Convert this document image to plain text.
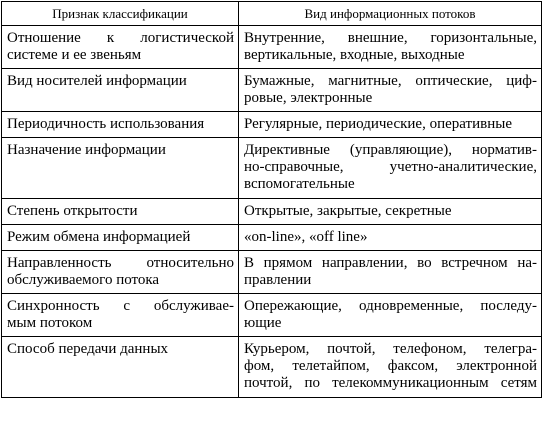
Признак классификации	Вид информационных потоков

Отношение к логистической
системе и ее звеньям	Внутренние, внешние, горизонтальные,
вертикальные, входные, выходные

Вид носителей информации	Бумажные, магнитные, оптические, циф-
ровые, электронные

Периодичность использования	Регулярные, периодические, оперативные

Назначение информации	Директивные (управляющие), норматив-
но-справочные, учетно-аналитические,
вспомогательные

Степень открытости	Открытые, закрытые, секретные

Режим обмена информацией	«on-line», «off line»

Направленность относительно
обслуживаемого потока	В прямом направлении, во встречном на-
правлении

Синхронность с обслуживае-
мым потоком	Опережающие, одновременные, последу-
ющие

Способ передачи данных	Курьером, почтой, телефоном, телегра-
фом, телетайпом, факсом, электронной
почтой, по телекоммуникационным сетям
